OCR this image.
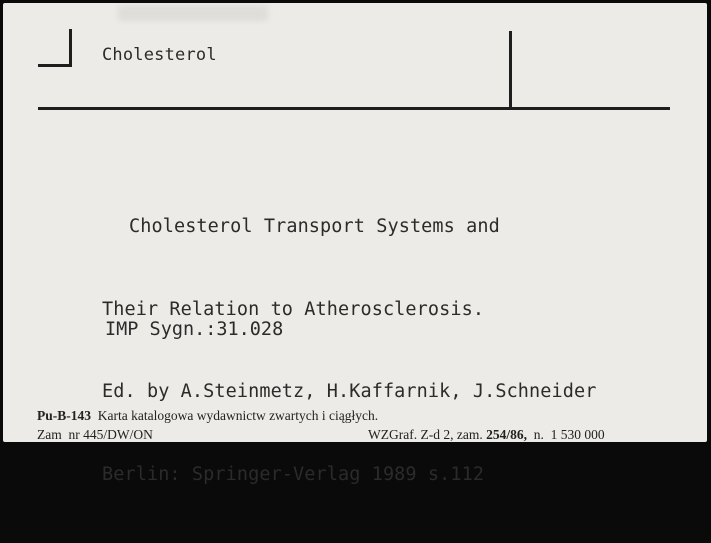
Cholesterol

Cholesterol Transport Systems and

Their Relation to Atherosclerosis.

Ed. by A.Steinmetz, H.Kaffarnik, J.Schneider

Berlin: Springer-Verlag 1989 s.112

IMP Sygn.:31.028
Pu-B-143 Karta katalogowa wydawnictw zwartych i ciągłych.
Zam  nr 445/DW/ON	WZGraf. Z-d 2, zam. 254/86, n.  1 530 000
